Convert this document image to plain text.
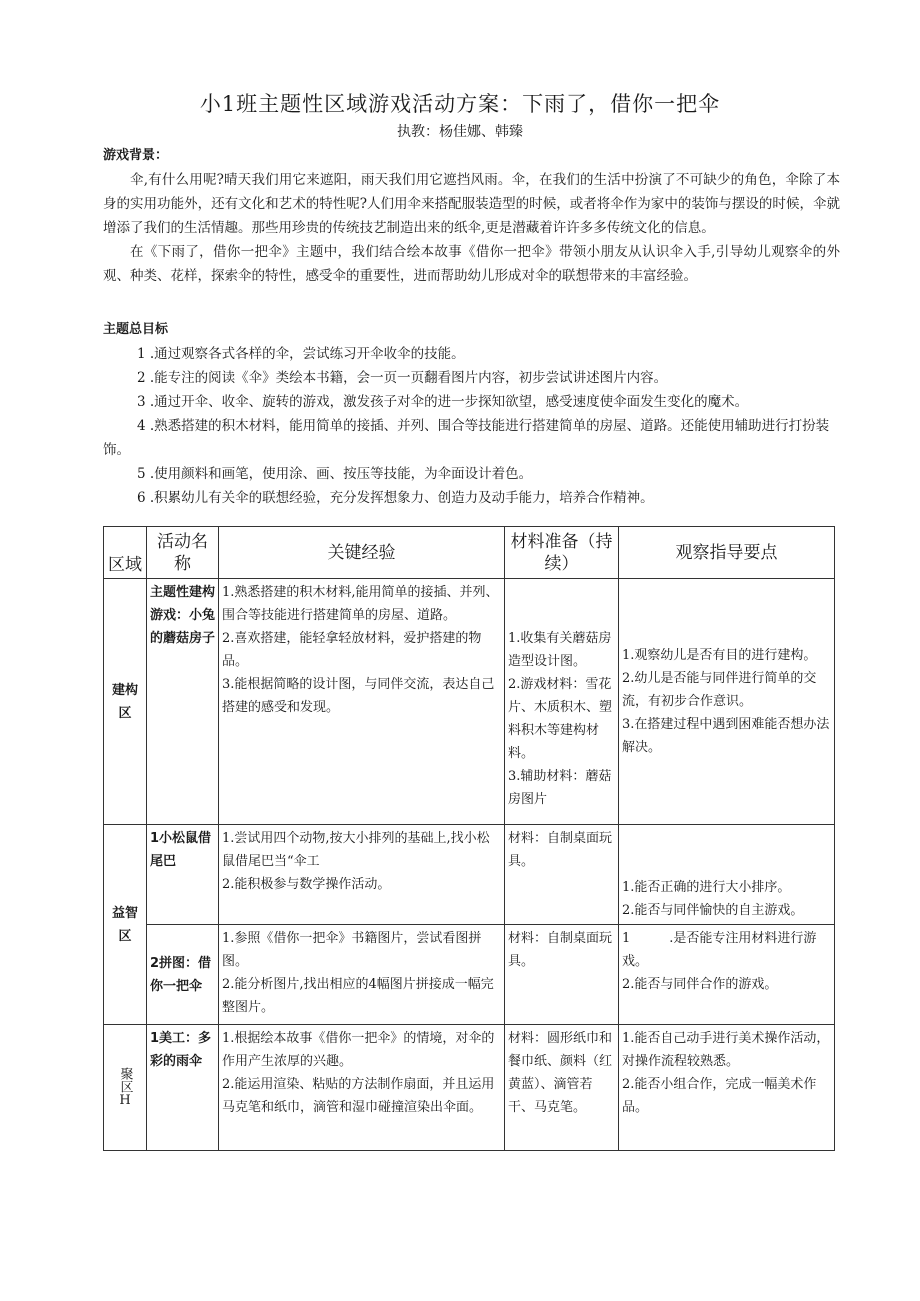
小1班主题性区域游戏活动方案：下雨了，借你一把伞
执教：杨佳娜、韩臻
游戏背景：
伞,有什么用呢?晴天我们用它来遮阳，雨天我们用它遮挡风雨。伞，在我们的生活中扮演了不可缺少的角色，伞除了本身的实用功能外，还有文化和艺术的特性呢?人们用伞来搭配服装造型的时候，或者将伞作为家中的装饰与摆设的时候，伞就增添了我们的生活情趣。那些用珍贵的传统技艺制造出来的纸伞,更是潜藏着许许多多传统文化的信息。
在《下雨了，借你一把伞》主题中，我们结合绘本故事《借你一把伞》带领小朋友从认识伞入手,引导幼儿观察伞的外观、种类、花样，探索伞的特性，感受伞的重要性，进而帮助幼儿形成对伞的联想带来的丰富经验。
主题总目标
1 .通过观察各式各样的伞，尝试练习开伞收伞的技能。
2 .能专注的阅读《伞》类绘本书籍，会一页一页翻看图片内容，初步尝试讲述图片内容。
3 .通过开伞、收伞、旋转的游戏，激发孩子对伞的进一步探知欲望，感受速度使伞面发生变化的魔术。
4 .熟悉搭建的积木材料，能用简单的接插、并列、围合等技能进行搭建简单的房屋、道路。还能使用辅助进行打扮装饰。
5 .使用颜料和画笔，使用涂、画、按压等技能，为伞面设计着色。
6 .积累幼儿有关伞的联想经验，充分发挥想象力、创造力及动手能力，培养合作精神。
区域	活动名称	关键经验	材料准备（持续）	观察指导要点
建构区	主题性建构游戏：小兔的蘑菇房子	1.熟悉搭建的积木材料,能用简单的接插、并列、围合等技能进行搭建简单的房屋、道路。
2.喜欢搭建，能轻拿轻放材料，爱护搭建的物品。
3.能根据简略的设计图，与同伴交流，表达自己搭建的感受和发现。	1.收集有关蘑菇房造型设计图。
2.游戏材料：雪花片、木质积木、塑料积木等建构材料。
3.辅助材料：蘑菇房图片	1.观察幼儿是否有目的进行建构。
2.幼儿是否能与同伴进行简单的交流，有初步合作意识。
3.在搭建过程中遇到困难能否想办法解决。

益智区	1小松鼠借尾巴	1.尝试用四个动物,按大小排列的基础上,找小松鼠借尾巴当“伞工
2.能积极参与数学操作活动。	材料：自制桌面玩具。	1.能否正确的进行大小排序。
2.能否与同伴愉快的自主游戏。

	2拼图：借你一把伞	1.参照《借你一把伞》书籍图片，尝试看图拼图。
2.能分析图片,找出相应的4幅图片拼接成一幅完整图片。	材料：自制桌面玩具。	1　　　.是否能专注用材料进行游
戏。
2.能否与同伴合作的游戏。

聚区H	1美工：多彩的雨伞	1.根据绘本故事《借你一把伞》的情境，对伞的作用产生浓厚的兴趣。
2.能运用渲染、粘贴的方法制作扇面，并且运用马克笔和纸巾，滴管和湿巾碰撞渲染出伞面。	材料：圆形纸巾和餐巾纸、颜料（红黄蓝）、滴管若干、马克笔。	1.能否自己动手进行美术操作活动，对操作流程较熟悉。
2.能否小组合作，完成一幅美术作品。
